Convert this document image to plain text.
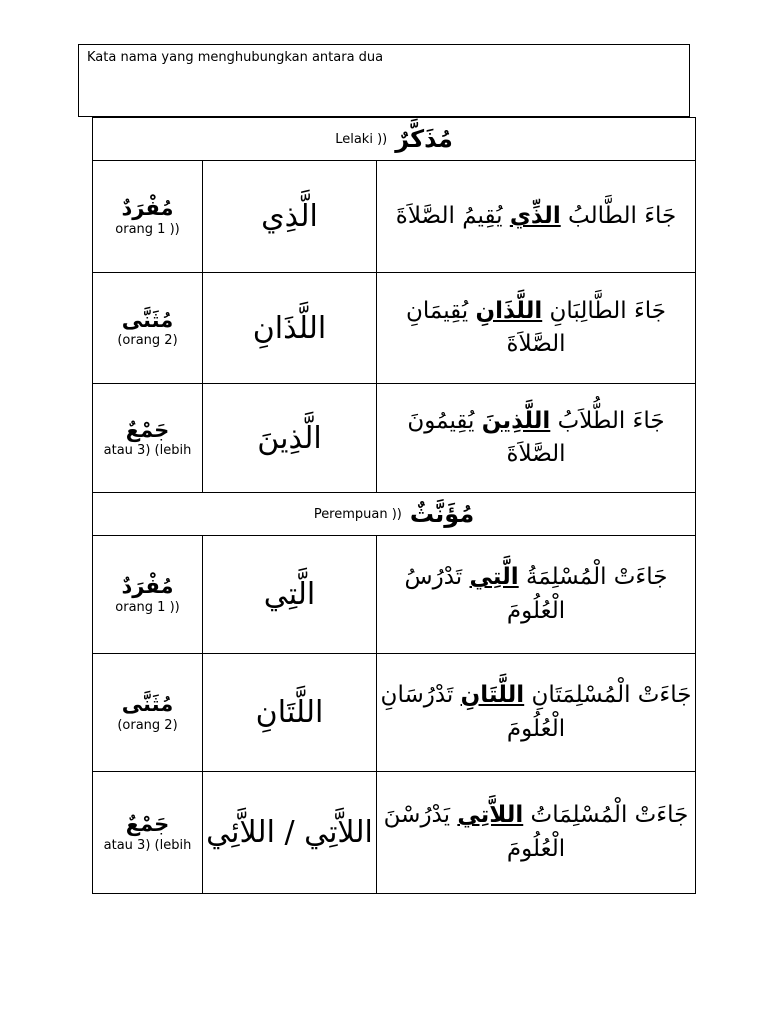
Kata nama yang menghubungkan antara dua
Lelaki )) مُذَكَّرٌ		

مُفْرَدٌ
orang 1 ))	الَّذِي	جَاءَ الطَّالبُ الذِّي يُقِيمُ الصَّلاَةَ

مُثَنَّى
(orang 2)	اللَّذَانِ	جَاءَ الطَّالِبَانِ اللَّذَانِ يُقِيمَانِ الصَّلاَةَ

جَمْعٌ
atau 3) (lebih	الَّذِينَ	جَاءَ الطُّلاَبُ اللَّذِينَ يُقِيمُونَ الصَّلاَةَ

Perempuan )) مُؤَنَّثٌ		

مُفْرَدٌ
orang 1 ))	الَّتِي	جَاءَتْ الْمُسْلِمَةُ الَّتِي تَدْرُسُ الْعُلُومَ

مُثَنَّى
(orang 2)	اللَّتَانِ	جَاءَتْ الْمُسْلِمَتَانِ اللَّتَانِ تَدْرُسَانِ الْعُلُومَ

جَمْعٌ
atau 3) (lebih	اللاَّتِي / اللاَّئِي	جَاءَتْ الْمُسْلِمَاتُ اللاَّتِي يَدْرُسْنَ الْعُلُومَ
